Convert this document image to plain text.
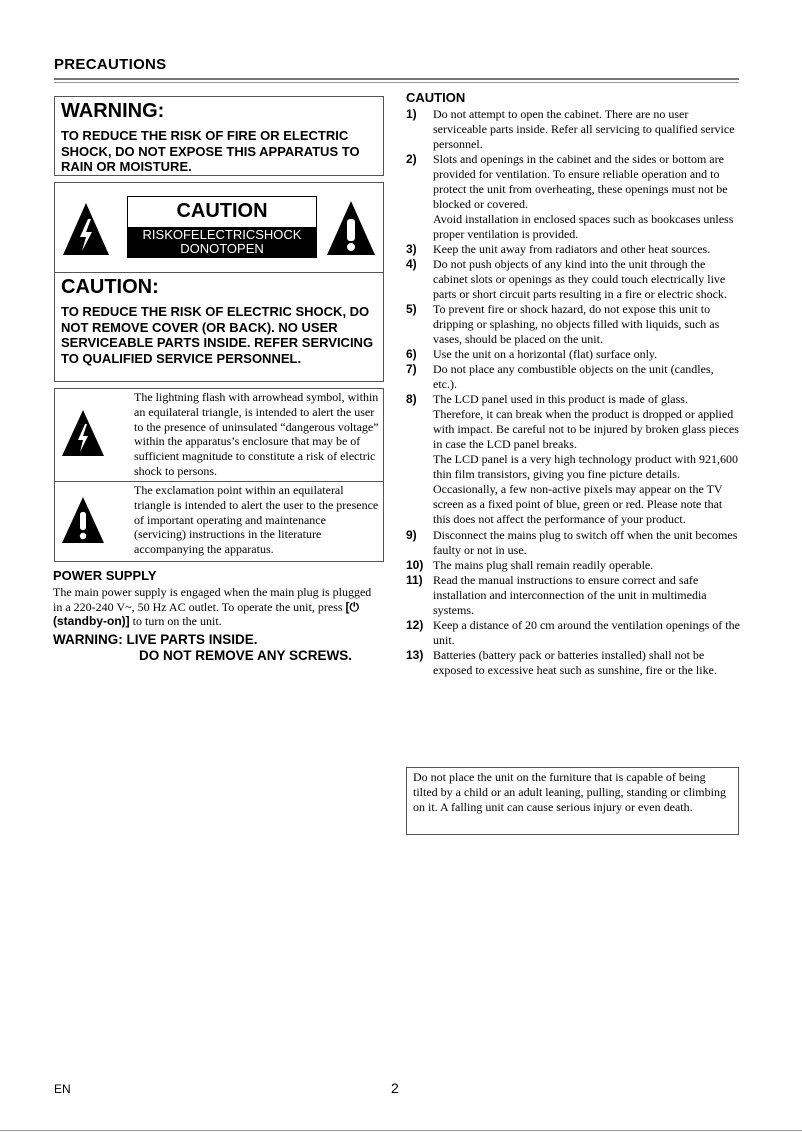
PRECAUTIONS
WARNING:
TO REDUCE THE RISK OF FIRE OR ELECTRIC SHOCK, DO NOT EXPOSE THIS APPARATUS TO RAIN OR MOISTURE.
CAUTION
RISKOFELECTRICSHOCK
DONOTOPEN
CAUTION:
TO REDUCE THE RISK OF ELECTRIC SHOCK, DO NOT REMOVE COVER (OR BACK). NO USER SERVICEABLE PARTS INSIDE. REFER SERVICING TO QUALIFIED SERVICE PERSONNEL.
The lightning flash with arrowhead symbol, within an equilateral triangle, is intended to alert the user to the presence of uninsulated “dangerous voltage” within the apparatus’s enclosure that may be of sufficient magnitude to constitute a risk of electric shock to persons.
The exclamation point within an equilateral triangle is intended to alert the user to the presence of important operating and maintenance (servicing) instructions in the literature accompanying the apparatus.
POWER SUPPLY
The main power supply is engaged when the main plug is plugged in a 220-240 V~, 50 Hz AC outlet. To operate the unit, press [⏻ (standby-on)] to turn on the unit.
WARNING: LIVE PARTS INSIDE.
DO NOT REMOVE ANY SCREWS.
CAUTION
1) Do not attempt to open the cabinet. There are no user serviceable parts inside. Refer all servicing to qualified service personnel.
2) Slots and openings in the cabinet and the sides or bottom are provided for ventilation. To ensure reliable operation and to protect the unit from overheating, these openings must not be blocked or covered.
Avoid installation in enclosed spaces such as bookcases unless proper ventilation is provided.
3) Keep the unit away from radiators and other heat sources.
4) Do not push objects of any kind into the unit through the cabinet slots or openings as they could touch electrically live parts or short circuit parts resulting in a fire or electric shock.
5) To prevent fire or shock hazard, do not expose this unit to dripping or splashing, no objects filled with liquids, such as vases, should be placed on the unit.
6) Use the unit on a horizontal (flat) surface only.
7) Do not place any combustible objects on the unit (candles, etc.).
8) The LCD panel used in this product is made of glass. Therefore, it can break when the product is dropped or applied with impact. Be careful not to be injured by broken glass pieces in case the LCD panel breaks.
The LCD panel is a very high technology product with 921,600 thin film transistors, giving you fine picture details. Occasionally, a few non-active pixels may appear on the TV screen as a fixed point of blue, green or red. Please note that this does not affect the performance of your product.
9) Disconnect the mains plug to switch off when the unit becomes faulty or not in use.
10) The mains plug shall remain readily operable.
11) Read the manual instructions to ensure correct and safe installation and interconnection of the unit in multimedia systems.
12) Keep a distance of 20 cm around the ventilation openings of the unit.
13) Batteries (battery pack or batteries installed) shall not be exposed to excessive heat such as sunshine, fire or the like.
Do not place the unit on the furniture that is capable of being tilted by a child or an adult leaning, pulling, standing or climbing on it. A falling unit can cause serious injury or even death.
EN	2
